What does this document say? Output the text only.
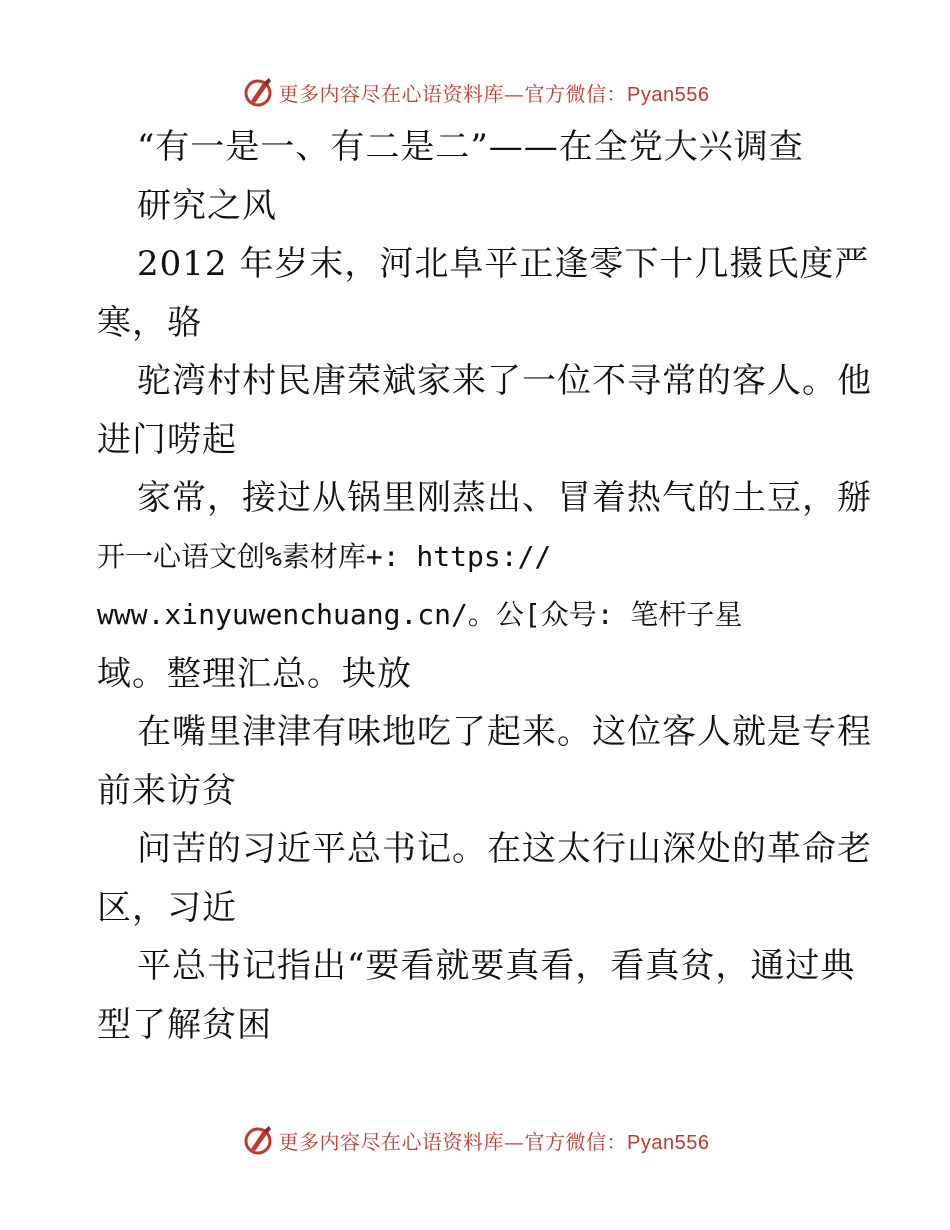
更多内容尽在心语资料库—官方微信：Pyan556
“有一是一、有二是二”——在全党大兴调查
研究之风
2012 年岁末，河北阜平正逢零下十几摄氏度严
寒，骆
驼湾村村民唐荣斌家来了一位不寻常的客人。他
进门唠起
家常，接过从锅里刚蒸出、冒着热气的土豆，掰
开一心语文创%素材库+: https://
www.xinyuwenchuang.cn/。公[众号: 笔杆子星
域。整理汇总。块放
在嘴里津津有味地吃了起来。这位客人就是专程
前来访贫
问苦的习近平总书记。在这太行山深处的革命老
区，习近
平总书记指出“要看就要真看，看真贫，通过典
型了解贫困
更多内容尽在心语资料库—官方微信：Pyan556
